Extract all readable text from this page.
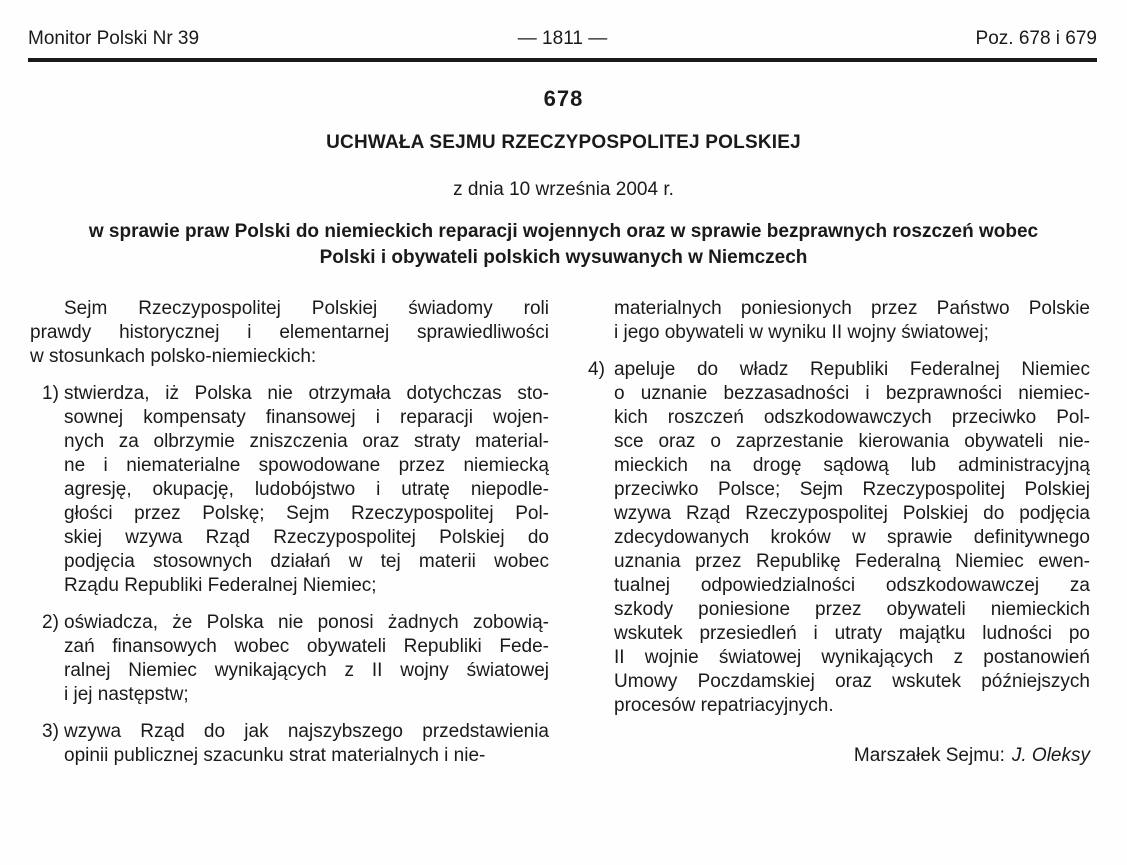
Monitor Polski Nr 39	— 1811 —	Poz. 678 i 679
678
UCHWAŁA SEJMU RZECZYPOSPOLITEJ POLSKIEJ
z dnia 10 września 2004 r.
w sprawie praw Polski do niemieckich reparacji wojennych oraz w sprawie bezprawnych roszczeń wobec
Polski i obywateli polskich wysuwanych w Niemczech
Sejm Rzeczypospolitej Polskiej świadomy roli
prawdy historycznej i elementarnej sprawiedliwości
w stosunkach polsko-niemieckich:
1) stwierdza, iż Polska nie otrzymała dotychczas sto-
sownej kompensaty finansowej i reparacji wojen-
nych za olbrzymie zniszczenia oraz straty material-
ne i niematerialne spowodowane przez niemiecką
agresję, okupację, ludobójstwo i utratę niepodle-
głości przez Polskę; Sejm Rzeczypospolitej Pol-
skiej wzywa Rząd Rzeczypospolitej Polskiej do
podjęcia stosownych działań w tej materii wobec
Rządu Republiki Federalnej Niemiec;
2) oświadcza, że Polska nie ponosi żadnych zobowią-
zań finansowych wobec obywateli Republiki Fede-
ralnej Niemiec wynikających z II wojny światowej
i jej następstw;
3) wzywa Rząd do jak najszybszego przedstawienia
opinii publicznej szacunku strat materialnych i nie-
materialnych poniesionych przez Państwo Polskie
i jego obywateli w wyniku II wojny światowej;
4) apeluje do władz Republiki Federalnej Niemiec
o uznanie bezzasadności i bezprawności niemiec-
kich roszczeń odszkodowawczych przeciwko Pol-
sce oraz o zaprzestanie kierowania obywateli nie-
mieckich na drogę sądową lub administracyjną
przeciwko Polsce; Sejm Rzeczypospolitej Polskiej
wzywa Rząd Rzeczypospolitej Polskiej do podjęcia
zdecydowanych kroków w sprawie definitywnego
uznania przez Republikę Federalną Niemiec ewen-
tualnej odpowiedzialności odszkodowawczej za
szkody poniesione przez obywateli niemieckich
wskutek przesiedleń i utraty majątku ludności po
II wojnie światowej wynikających z postanowień
Umowy Poczdamskiej oraz wskutek późniejszych
procesów repatriacyjnych.
Marszałek Sejmu: J. Oleksy
